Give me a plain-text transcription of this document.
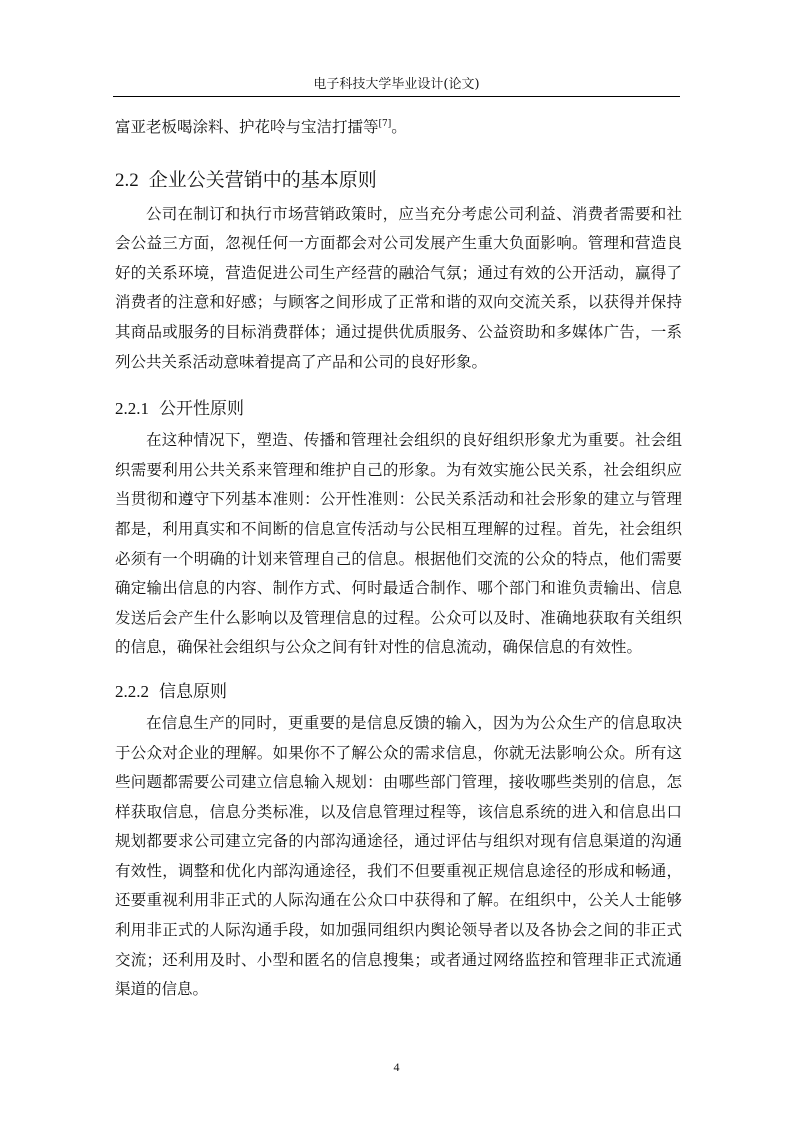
电子科技大学毕业设计(论文)

富亚老板喝涂料、护花呤与宝洁打擂等[7]。

2.2 企业公关营销中的基本原则

公司在制订和执行市场营销政策时，应当充分考虑公司利益、消费者需要和社会公益三方面，忽视任何一方面都会对公司发展产生重大负面影响。管理和营造良好的关系环境，营造促进公司生产经营的融洽气氛；通过有效的公开活动，赢得了消费者的注意和好感；与顾客之间形成了正常和谐的双向交流关系，以获得并保持其商品或服务的目标消费群体；通过提供优质服务、公益资助和多媒体广告，一系列公共关系活动意味着提高了产品和公司的良好形象。

2.2.1 公开性原则

在这种情况下，塑造、传播和管理社会组织的良好组织形象尤为重要。社会组织需要利用公共关系来管理和维护自己的形象。为有效实施公民关系，社会组织应当贯彻和遵守下列基本准则：公开性准则：公民关系活动和社会形象的建立与管理都是，利用真实和不间断的信息宣传活动与公民相互理解的过程。首先，社会组织必须有一个明确的计划来管理自己的信息。根据他们交流的公众的特点，他们需要确定输出信息的内容、制作方式、何时最适合制作、哪个部门和谁负责输出、信息发送后会产生什么影响以及管理信息的过程。公众可以及时、准确地获取有关组织的信息，确保社会组织与公众之间有针对性的信息流动，确保信息的有效性。

2.2.2 信息原则

在信息生产的同时，更重要的是信息反馈的输入，因为为公众生产的信息取决于公众对企业的理解。如果你不了解公众的需求信息，你就无法影响公众。所有这些问题都需要公司建立信息输入规划：由哪些部门管理，接收哪些类别的信息，怎样获取信息，信息分类标准，以及信息管理过程等，该信息系统的进入和信息出口规划都要求公司建立完备的内部沟通途径，通过评估与组织对现有信息渠道的沟通有效性，调整和优化内部沟通途径，我们不但要重视正规信息途径的形成和畅通，还要重视利用非正式的人际沟通在公众口中获得和了解。在组织中，公关人士能够利用非正式的人际沟通手段，如加强同组织内舆论领导者以及各协会之间的非正式交流；还利用及时、小型和匿名的信息搜集；或者通过网络监控和管理非正式流通渠道的信息。

4
